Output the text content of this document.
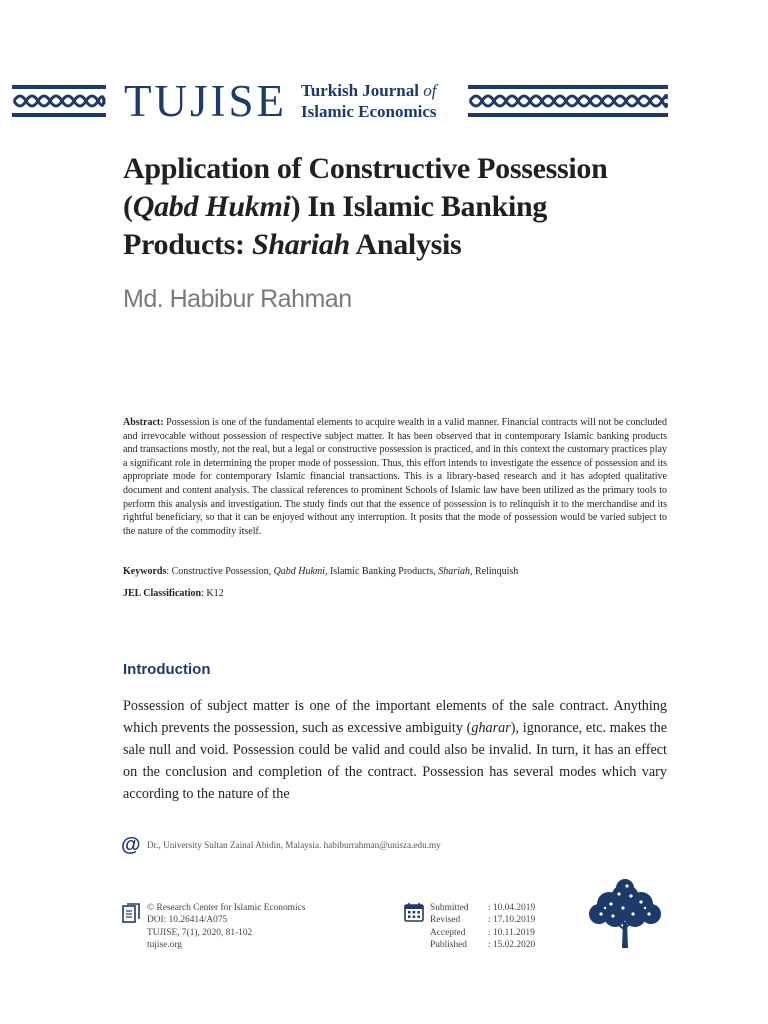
TUJISE Turkish Journal of
Islamic Economics
Application of Constructive Possession
(Qabd Hukmi) In Islamic Banking
Products: Shariah Analysis
Md. Habibur Rahman
Abstract: Possession is one of the fundamental elements to acquire wealth in a valid manner. Financial contracts will not be concluded and irrevocable without possession of respective subject matter. It has been observed that in contemporary Islamic banking products and transactions mostly, not the real, but a legal or constructive possession is practiced, and in this context the customary practices play a significant role in determining the proper mode of possession. Thus, this effort intends to investigate the essence of possession and its appropriate mode for contemporary Islamic financial transactions. This is a library-based research and it has adopted qualitative document and content analysis. The classical references to prominent Schools of Islamic law have been utilized as the primary tools to perform this analysis and investigation. The study finds out that the essence of possession is to relinquish it to the merchandise and its rightful beneficiary, so that it can be enjoyed without any interruption. It posits that the mode of possession would be varied subject to the nature of the commodity itself.
Keywords: Constructive Possession, Qabd Hukmi, Islamic Banking Products, Shariah, Relinquish
JEL Classification: K12
Introduction
Possession of subject matter is one of the important elements of the sale contract. Anything which prevents the possession, such as excessive ambiguity (gharar), ignorance, etc. makes the sale null and void. Possession could be valid and could also be invalid. In turn, it has an effect on the conclusion and completion of the contract. Possession has several modes which vary according to the nature of the
@ Dr., University Sultan Zainal Abidin, Malaysia. habiburrahman@unisza.edu.my
© Research Center for Islamic Economics
DOI: 10.26414/A075
TUJISE, 7(1), 2020, 81-102
tujise.org
Submitted	: 10.04.2019
Revised	: 17.10.2019
Accepted	: 10.11.2019
Published	: 15.02.2020
